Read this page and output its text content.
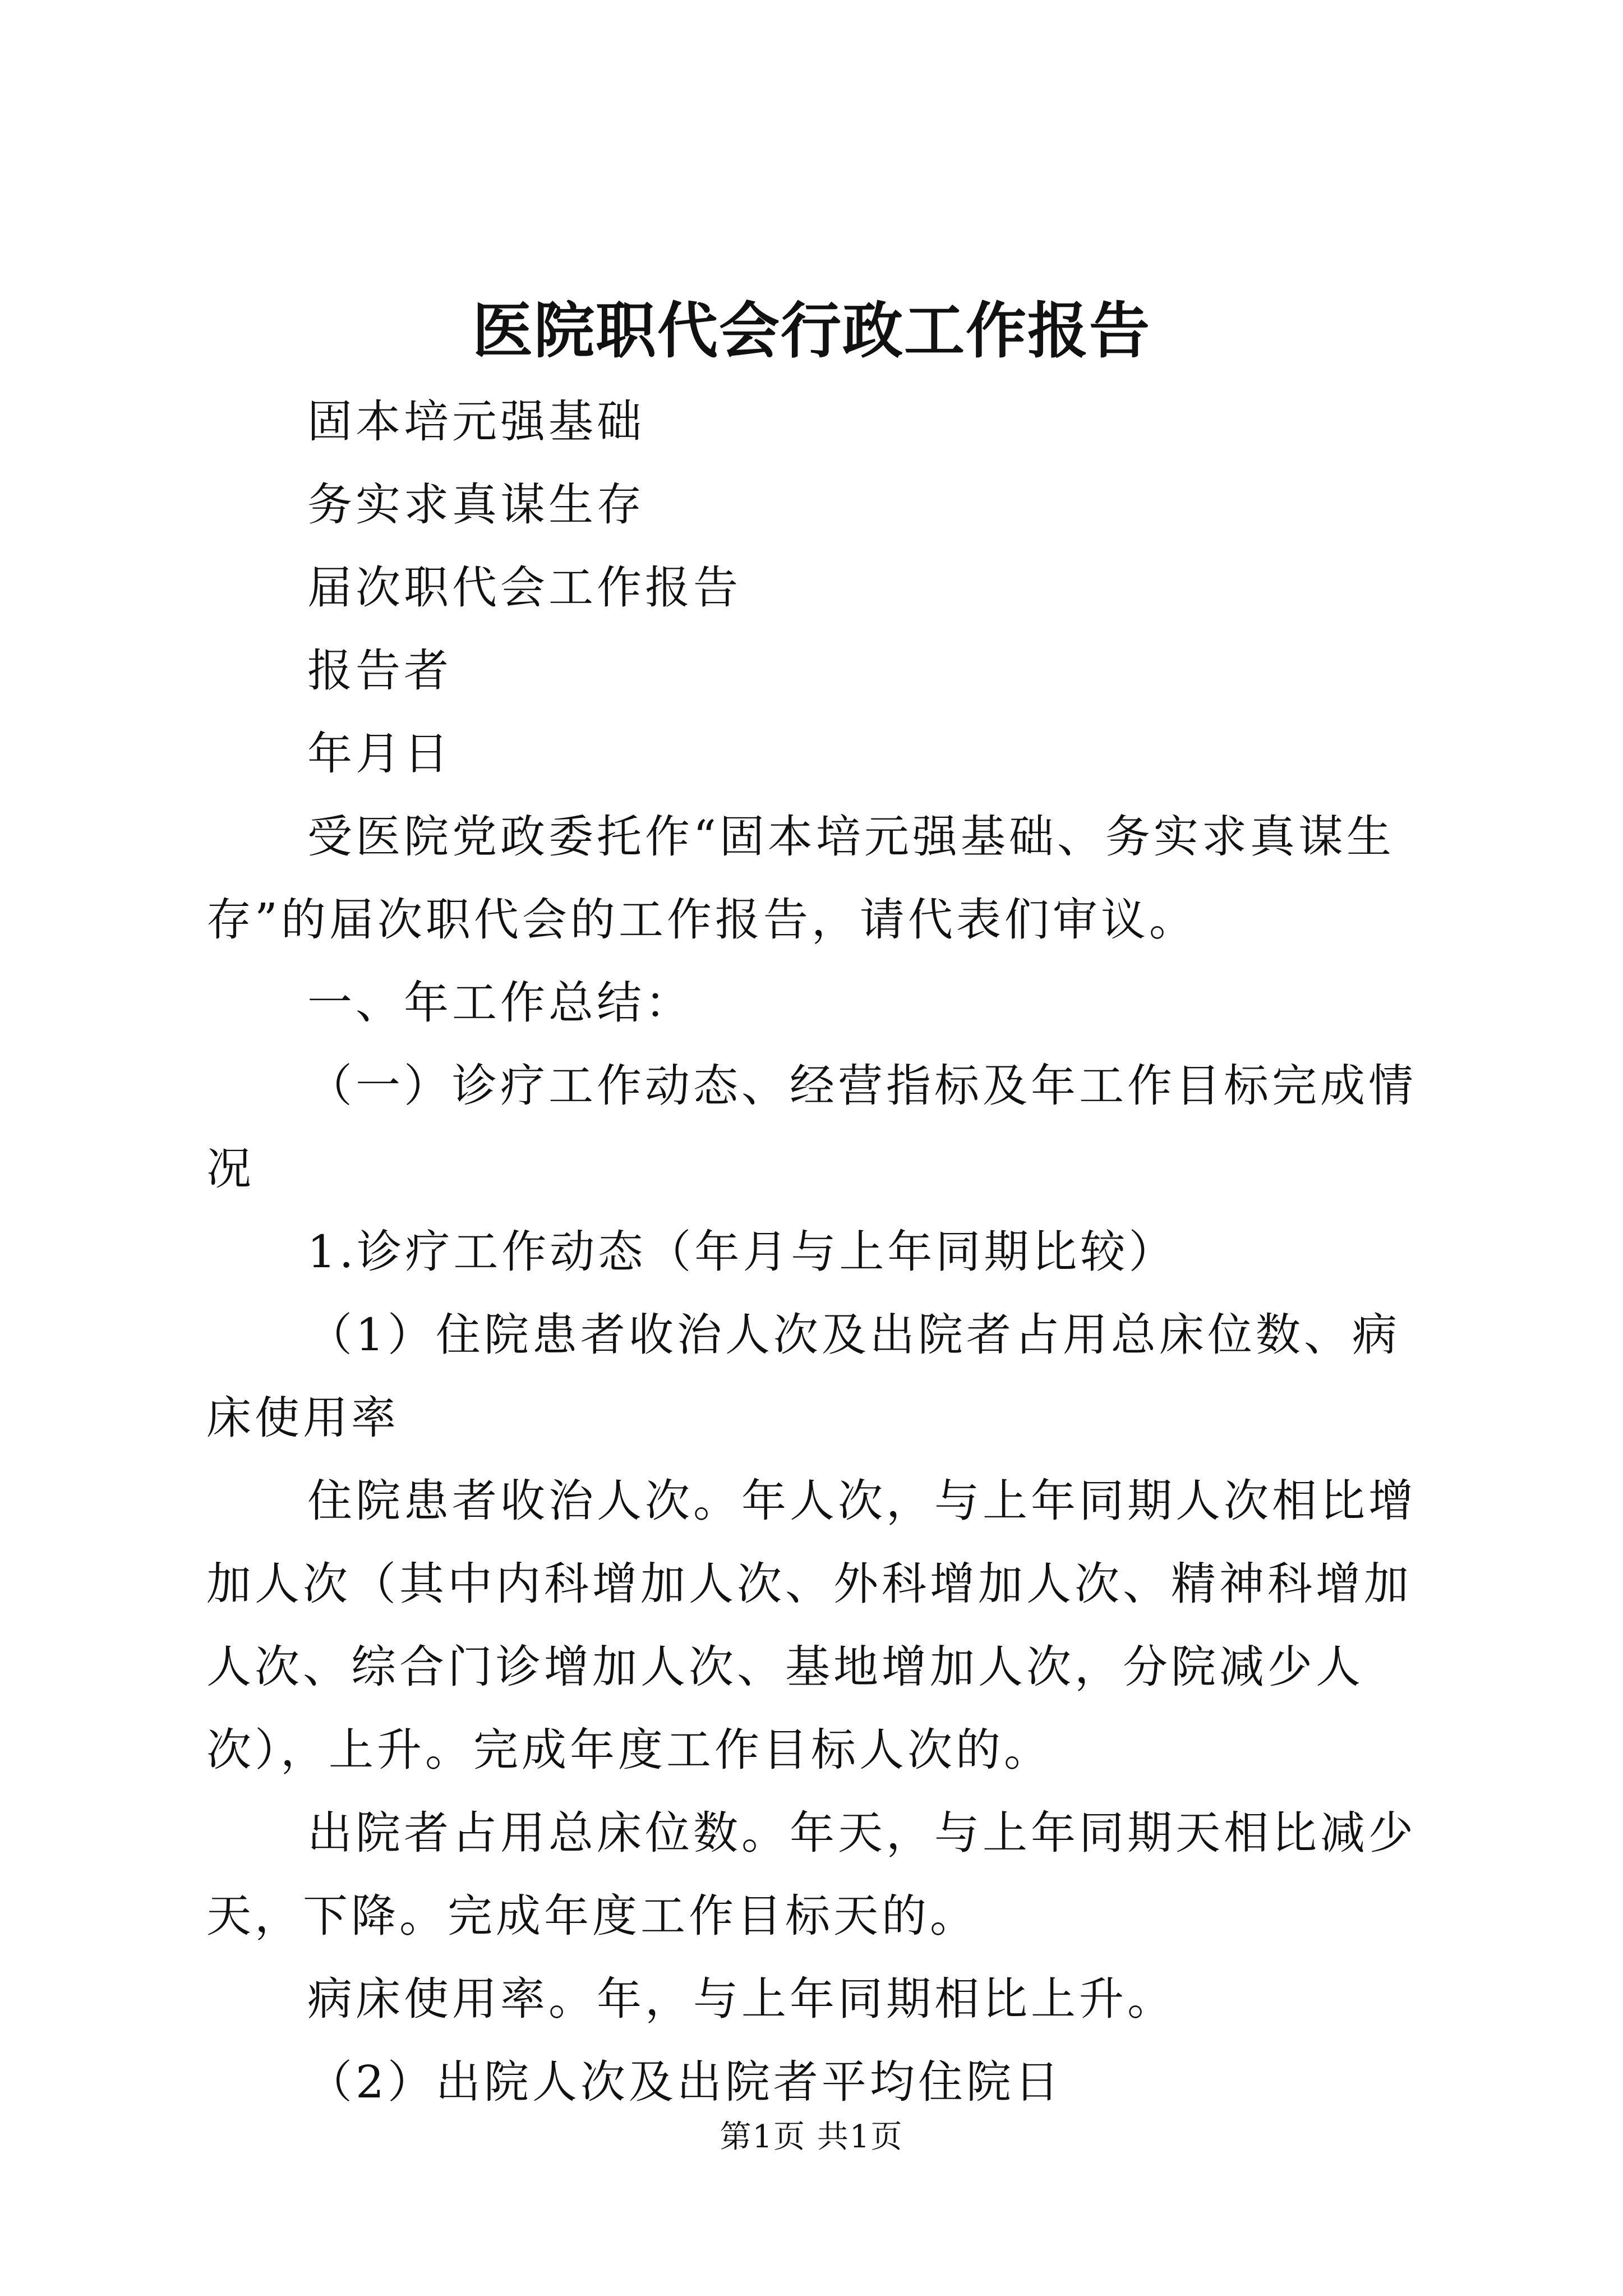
医院职代会行政工作报告

固本培元强基础

务实求真谋生存

届次职代会工作报告

报告者

年月日

受医院党政委托作“固本培元强基础、务实求真谋生存”的届次职代会的工作报告，请代表们审议。

一、年工作总结：

（一）诊疗工作动态、经营指标及年工作目标完成情况

1.诊疗工作动态（年月与上年同期比较）

（1）住院患者收治人次及出院者占用总床位数、病床使用率

住院患者收治人次。年人次，与上年同期人次相比增加人次（其中内科增加人次、外科增加人次、精神科增加人次、综合门诊增加人次、基地增加人次，分院减少人次），上升。完成年度工作目标人次的。

出院者占用总床位数。年天，与上年同期天相比减少天，下降。完成年度工作目标天的。

病床使用率。年，与上年同期相比上升。

（2）出院人次及出院者平均住院日

第1页 共1页
